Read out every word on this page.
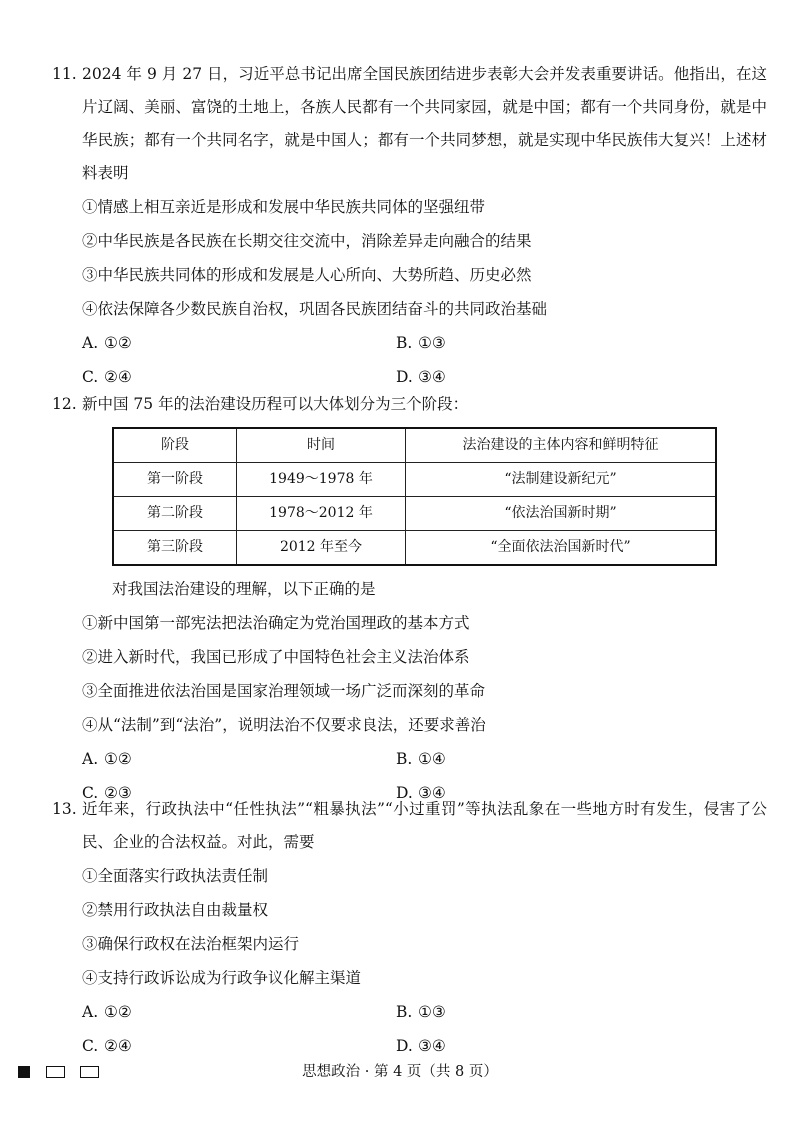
11. 2024 年 9 月 27 日，习近平总书记出席全国民族团结进步表彰大会并发表重要讲话。他指出，在这片辽阔、美丽、富饶的土地上，各族人民都有一个共同家园，就是中国；都有一个共同身份，就是中华民族；都有一个共同名字，就是中国人；都有一个共同梦想，就是实现中华民族伟大复兴！上述材料表明
①情感上相互亲近是形成和发展中华民族共同体的坚强纽带
②中华民族是各民族在长期交往交流中，消除差异走向融合的结果
③中华民族共同体的形成和发展是人心所向、大势所趋、历史必然
④依法保障各少数民族自治权，巩固各民族团结奋斗的共同政治基础
A. ①②	B. ①③
C. ②④	D. ③④
12. 新中国 75 年的法治建设历程可以大体划分为三个阶段：
阶段	时间	法治建设的主体内容和鲜明特征
第一阶段	1949～1978 年	“法制建设新纪元”
第二阶段	1978～2012 年	“依法治国新时期”
第三阶段	2012 年至今	“全面依法治国新时代”
对我国法治建设的理解，以下正确的是
①新中国第一部宪法把法治确定为党治国理政的基本方式
②进入新时代，我国已形成了中国特色社会主义法治体系
③全面推进依法治国是国家治理领域一场广泛而深刻的革命
④从“法制”到“法治”，说明法治不仅要求良法，还要求善治
A. ①②	B. ①④
C. ②③	D. ③④
13. 近年来，行政执法中“任性执法”“粗暴执法”“小过重罚”等执法乱象在一些地方时有发生，侵害了公民、企业的合法权益。对此，需要
①全面落实行政执法责任制
②禁用行政执法自由裁量权
③确保行政权在法治框架内运行
④支持行政诉讼成为行政争议化解主渠道
A. ①②	B. ①③
C. ②④	D. ③④
思想政治 · 第 4 页（共 8 页）
